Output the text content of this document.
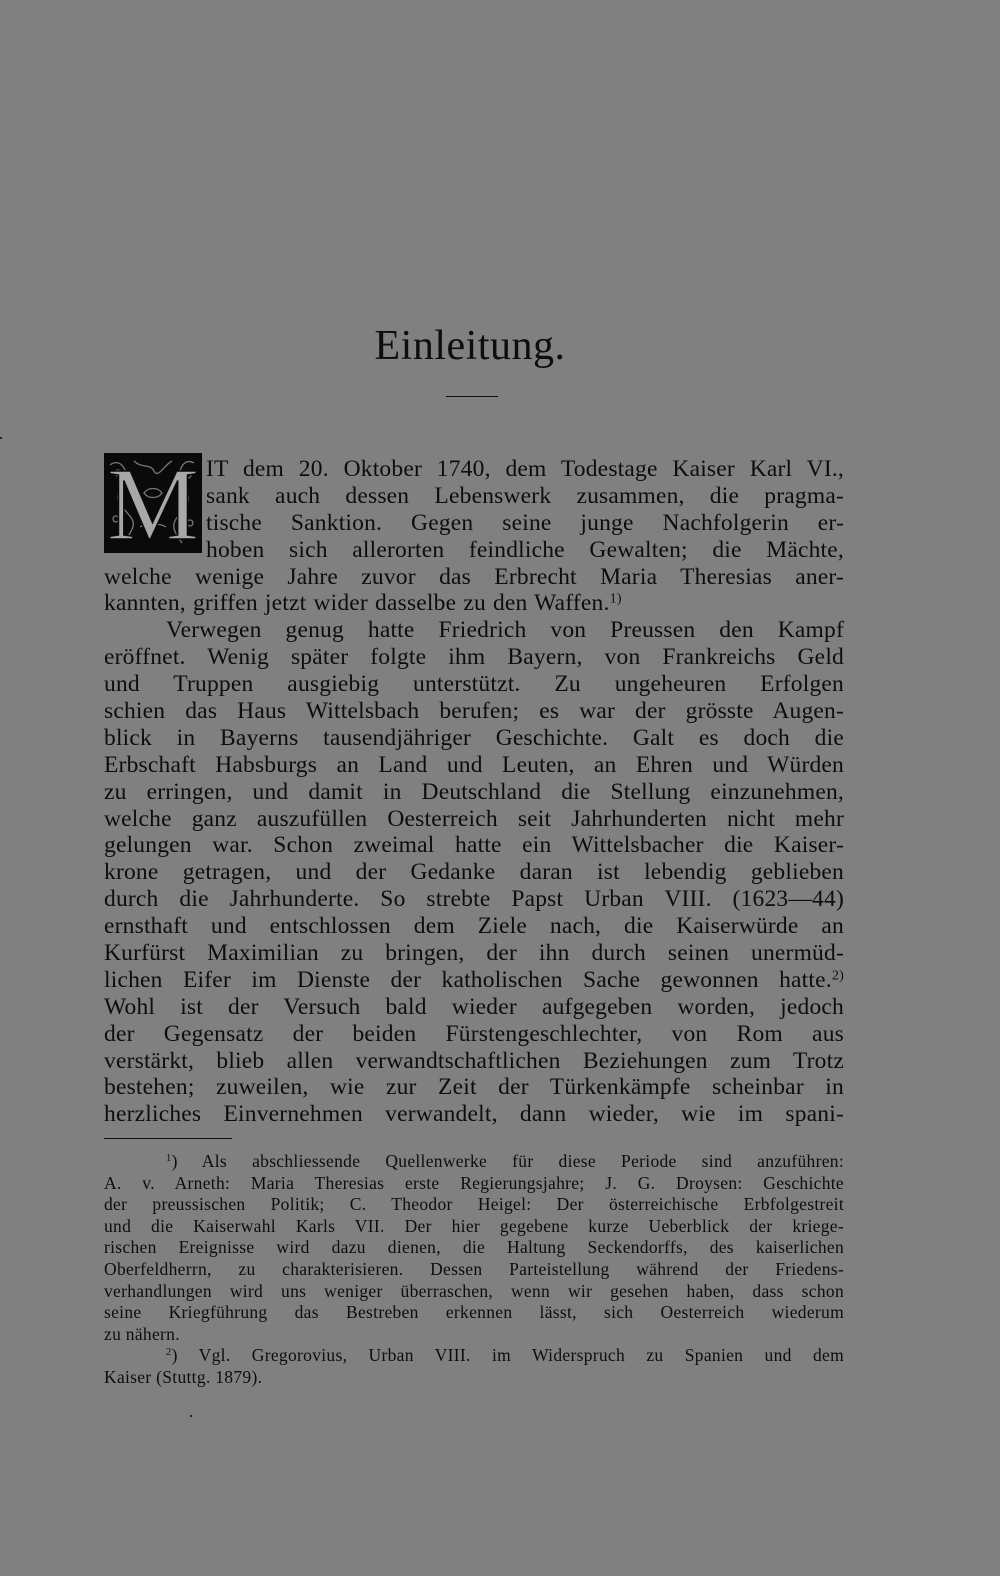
Einleitung.
M IT dem 20. Oktober 1740, dem Todestage Kaiser Karl VI.,
sank auch dessen Lebenswerk zusammen, die pragma-
tische Sanktion. Gegen seine junge Nachfolgerin er-
hoben sich allerorten feindliche Gewalten; die Mächte,
welche wenige Jahre zuvor das Erbrecht Maria Theresias aner-
kannten, griffen jetzt wider dasselbe zu den Waffen.$^{1)}$
Verwegen genug hatte Friedrich von Preussen den Kampf
eröffnet. Wenig später folgte ihm Bayern, von Frankreichs Geld
und Truppen ausgiebig unterstützt. Zu ungeheuren Erfolgen
schien das Haus Wittelsbach berufen; es war der grösste Augen-
blick in Bayerns tausendjähriger Geschichte. Galt es doch die
Erbschaft Habsburgs an Land und Leuten, an Ehren und Würden
zu erringen, und damit in Deutschland die Stellung einzunehmen,
welche ganz auszufüllen Oesterreich seit Jahrhunderten nicht mehr
gelungen war. Schon zweimal hatte ein Wittelsbacher die Kaiser-
krone getragen, und der Gedanke daran ist lebendig geblieben
durch die Jahrhunderte. So strebte Papst Urban VIII. (1623—44)
ernsthaft und entschlossen dem Ziele nach, die Kaiserwürde an
Kurfürst Maximilian zu bringen, der ihn durch seinen unermüd-
lichen Eifer im Dienste der katholischen Sache gewonnen hatte.$^{2)}$
Wohl ist der Versuch bald wieder aufgegeben worden, jedoch
der Gegensatz der beiden Fürstengeschlechter, von Rom aus
verstärkt, blieb allen verwandtschaftlichen Beziehungen zum Trotz
bestehen; zuweilen, wie zur Zeit der Türkenkämpfe scheinbar in
herzliches Einvernehmen verwandelt, dann wieder, wie im spani-
$^1$) Als abschliessende Quellenwerke für diese Periode sind anzuführen:
A. v. Arneth: Maria Theresias erste Regierungsjahre; J. G. Droysen: Geschichte
der preussischen Politik; C. Theodor Heigel: Der österreichische Erbfolgestreit
und die Kaiserwahl Karls VII. Der hier gegebene kurze Ueberblick der kriege-
rischen Ereignisse wird dazu dienen, die Haltung Seckendorffs, des kaiserlichen
Oberfeldherrn, zu charakterisieren. Dessen Parteistellung während der Friedens-
verhandlungen wird uns weniger überraschen, wenn wir gesehen haben, dass schon
seine Kriegführung das Bestreben erkennen lässt, sich Oesterreich wiederum
zu nähern.
$^2$) Vgl. Gregorovius, Urban VIII. im Widerspruch zu Spanien und dem
Kaiser (Stuttg. 1879).
